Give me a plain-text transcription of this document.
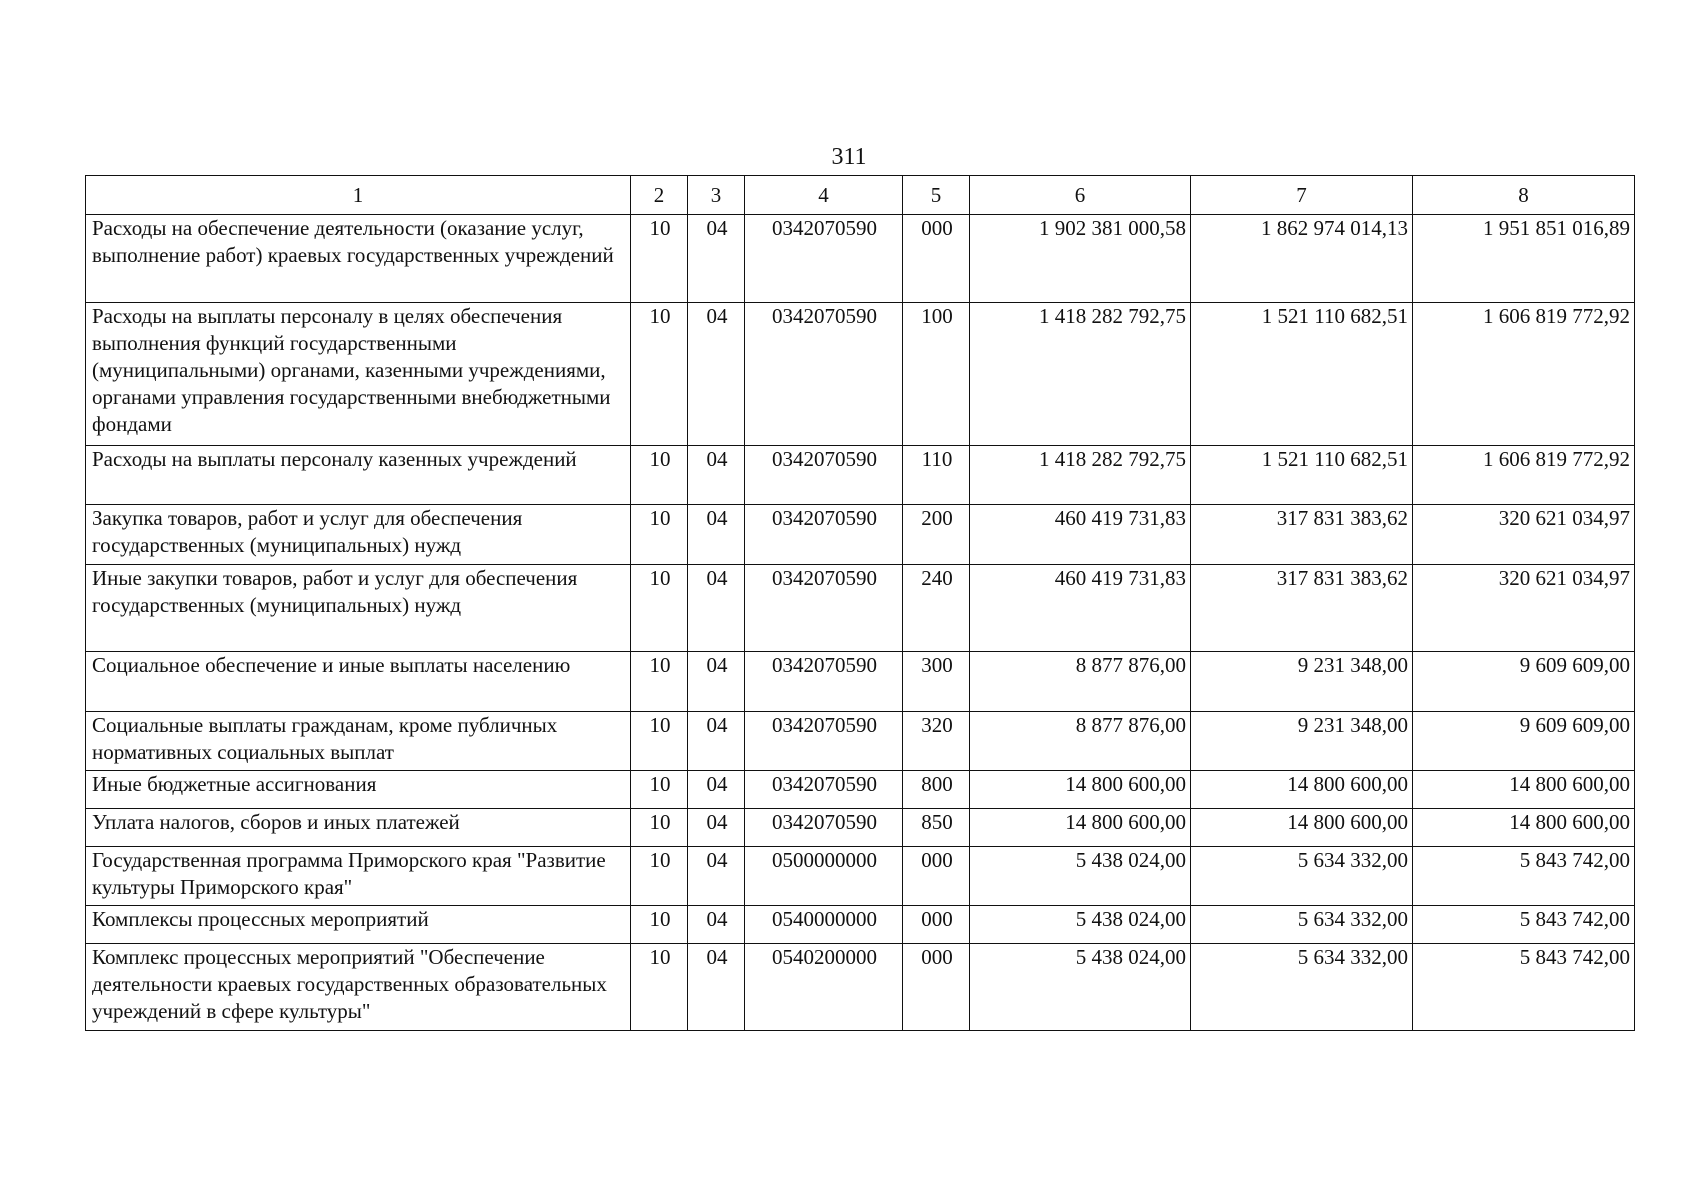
311
1	2	3	4	5	6	7	8
Расходы на обеспечение деятельности (оказание услуг, выполнение работ) краевых государственных учреждений	10	04	0342070590	000	1 902 381 000,58	1 862 974 014,13	1 951 851 016,89
Расходы на выплаты персоналу в целях обеспечения выполнения функций государственными (муниципальными) органами, казенными учреждениями, органами управления государственными внебюджетными фондами	10	04	0342070590	100	1 418 282 792,75	1 521 110 682,51	1 606 819 772,92
Расходы на выплаты персоналу казенных учреждений	10	04	0342070590	110	1 418 282 792,75	1 521 110 682,51	1 606 819 772,92
Закупка товаров, работ и услуг для обеспечения государственных (муниципальных) нужд	10	04	0342070590	200	460 419 731,83	317 831 383,62	320 621 034,97
Иные закупки товаров, работ и услуг для обеспечения государственных (муниципальных) нужд	10	04	0342070590	240	460 419 731,83	317 831 383,62	320 621 034,97
Социальное обеспечение и иные выплаты населению	10	04	0342070590	300	8 877 876,00	9 231 348,00	9 609 609,00
Социальные выплаты гражданам, кроме публичных нормативных социальных выплат	10	04	0342070590	320	8 877 876,00	9 231 348,00	9 609 609,00
Иные бюджетные ассигнования	10	04	0342070590	800	14 800 600,00	14 800 600,00	14 800 600,00
Уплата налогов, сборов и иных платежей	10	04	0342070590	850	14 800 600,00	14 800 600,00	14 800 600,00
Государственная программа Приморского края "Развитие культуры Приморского края"	10	04	0500000000	000	5 438 024,00	5 634 332,00	5 843 742,00
Комплексы процессных мероприятий	10	04	0540000000	000	5 438 024,00	5 634 332,00	5 843 742,00
Комплекс процессных мероприятий "Обеспечение деятельности краевых государственных образовательных учреждений в сфере культуры"	10	04	0540200000	000	5 438 024,00	5 634 332,00	5 843 742,00
